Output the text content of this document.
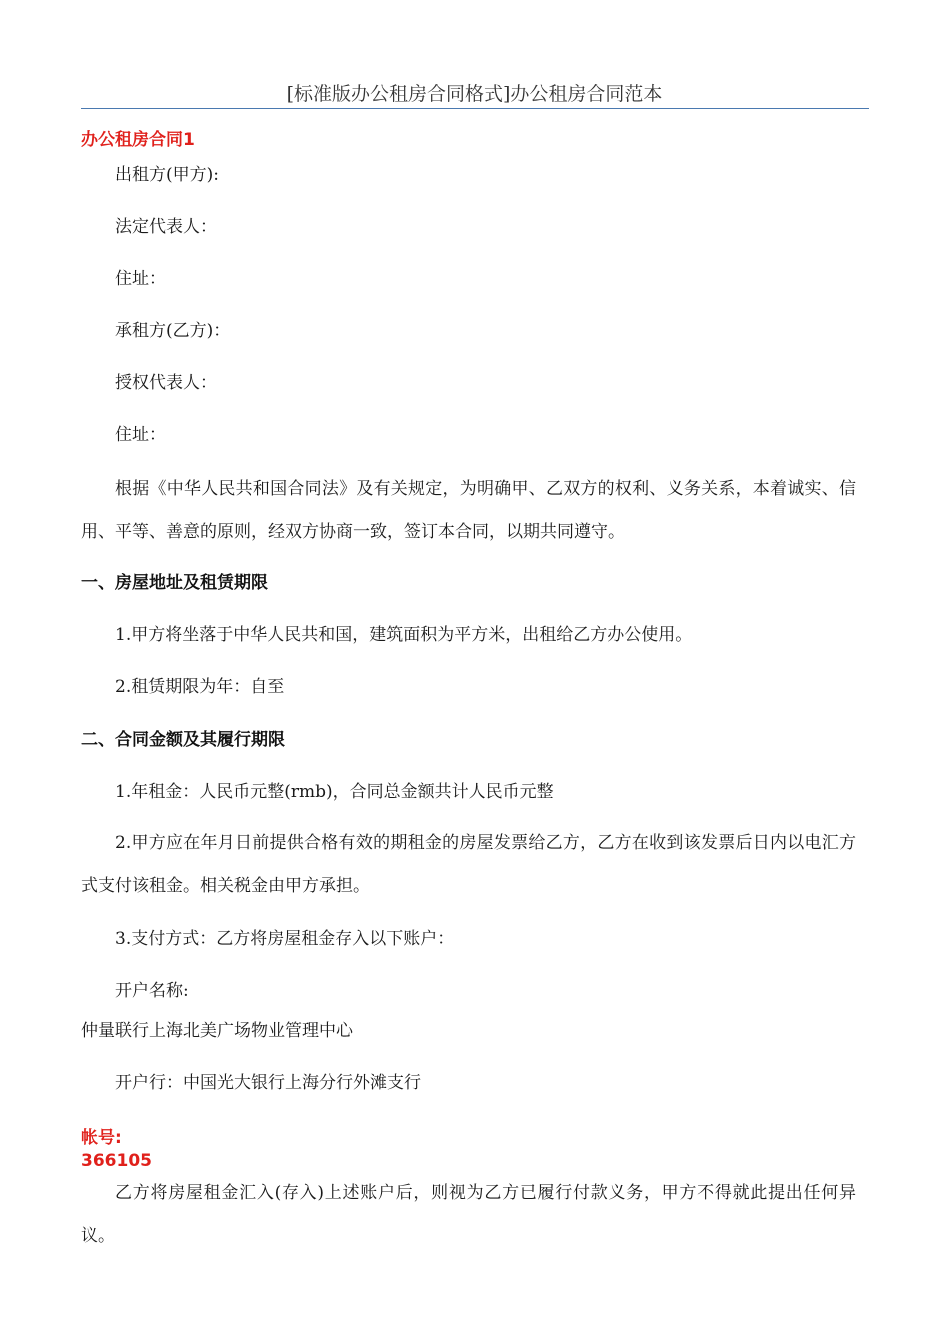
[标准版办公租房合同格式]办公租房合同范本
办公租房合同1
出租方(甲方):
法定代表人：
住址：
承租方(乙方)：
授权代表人：
住址：
根据《中华人民共和国合同法》及有关规定，为明确甲、乙双方的权利、义务关系，本着诚实、信用、平等、善意的原则，经双方协商一致，签订本合同，以期共同遵守。
一、房屋地址及租赁期限
1.甲方将坐落于中华人民共和国，建筑面积为平方米，出租给乙方办公使用。
2.租赁期限为年：自至
二、合同金额及其履行期限
1.年租金：人民币元整(rmb)，合同总金额共计人民币元整
2.甲方应在年月日前提供合格有效的期租金的房屋发票给乙方，乙方在收到该发票后日内以电汇方式支付该租金。相关税金由甲方承担。
3.支付方式：乙方将房屋租金存入以下账户：
开户名称:
仲量联行上海北美广场物业管理中心
开户行：中国光大银行上海分行外滩支行
帐号:
366105
乙方将房屋租金汇入(存入)上述账户后，则视为乙方已履行付款义务，甲方不得就此提出任何异议。
